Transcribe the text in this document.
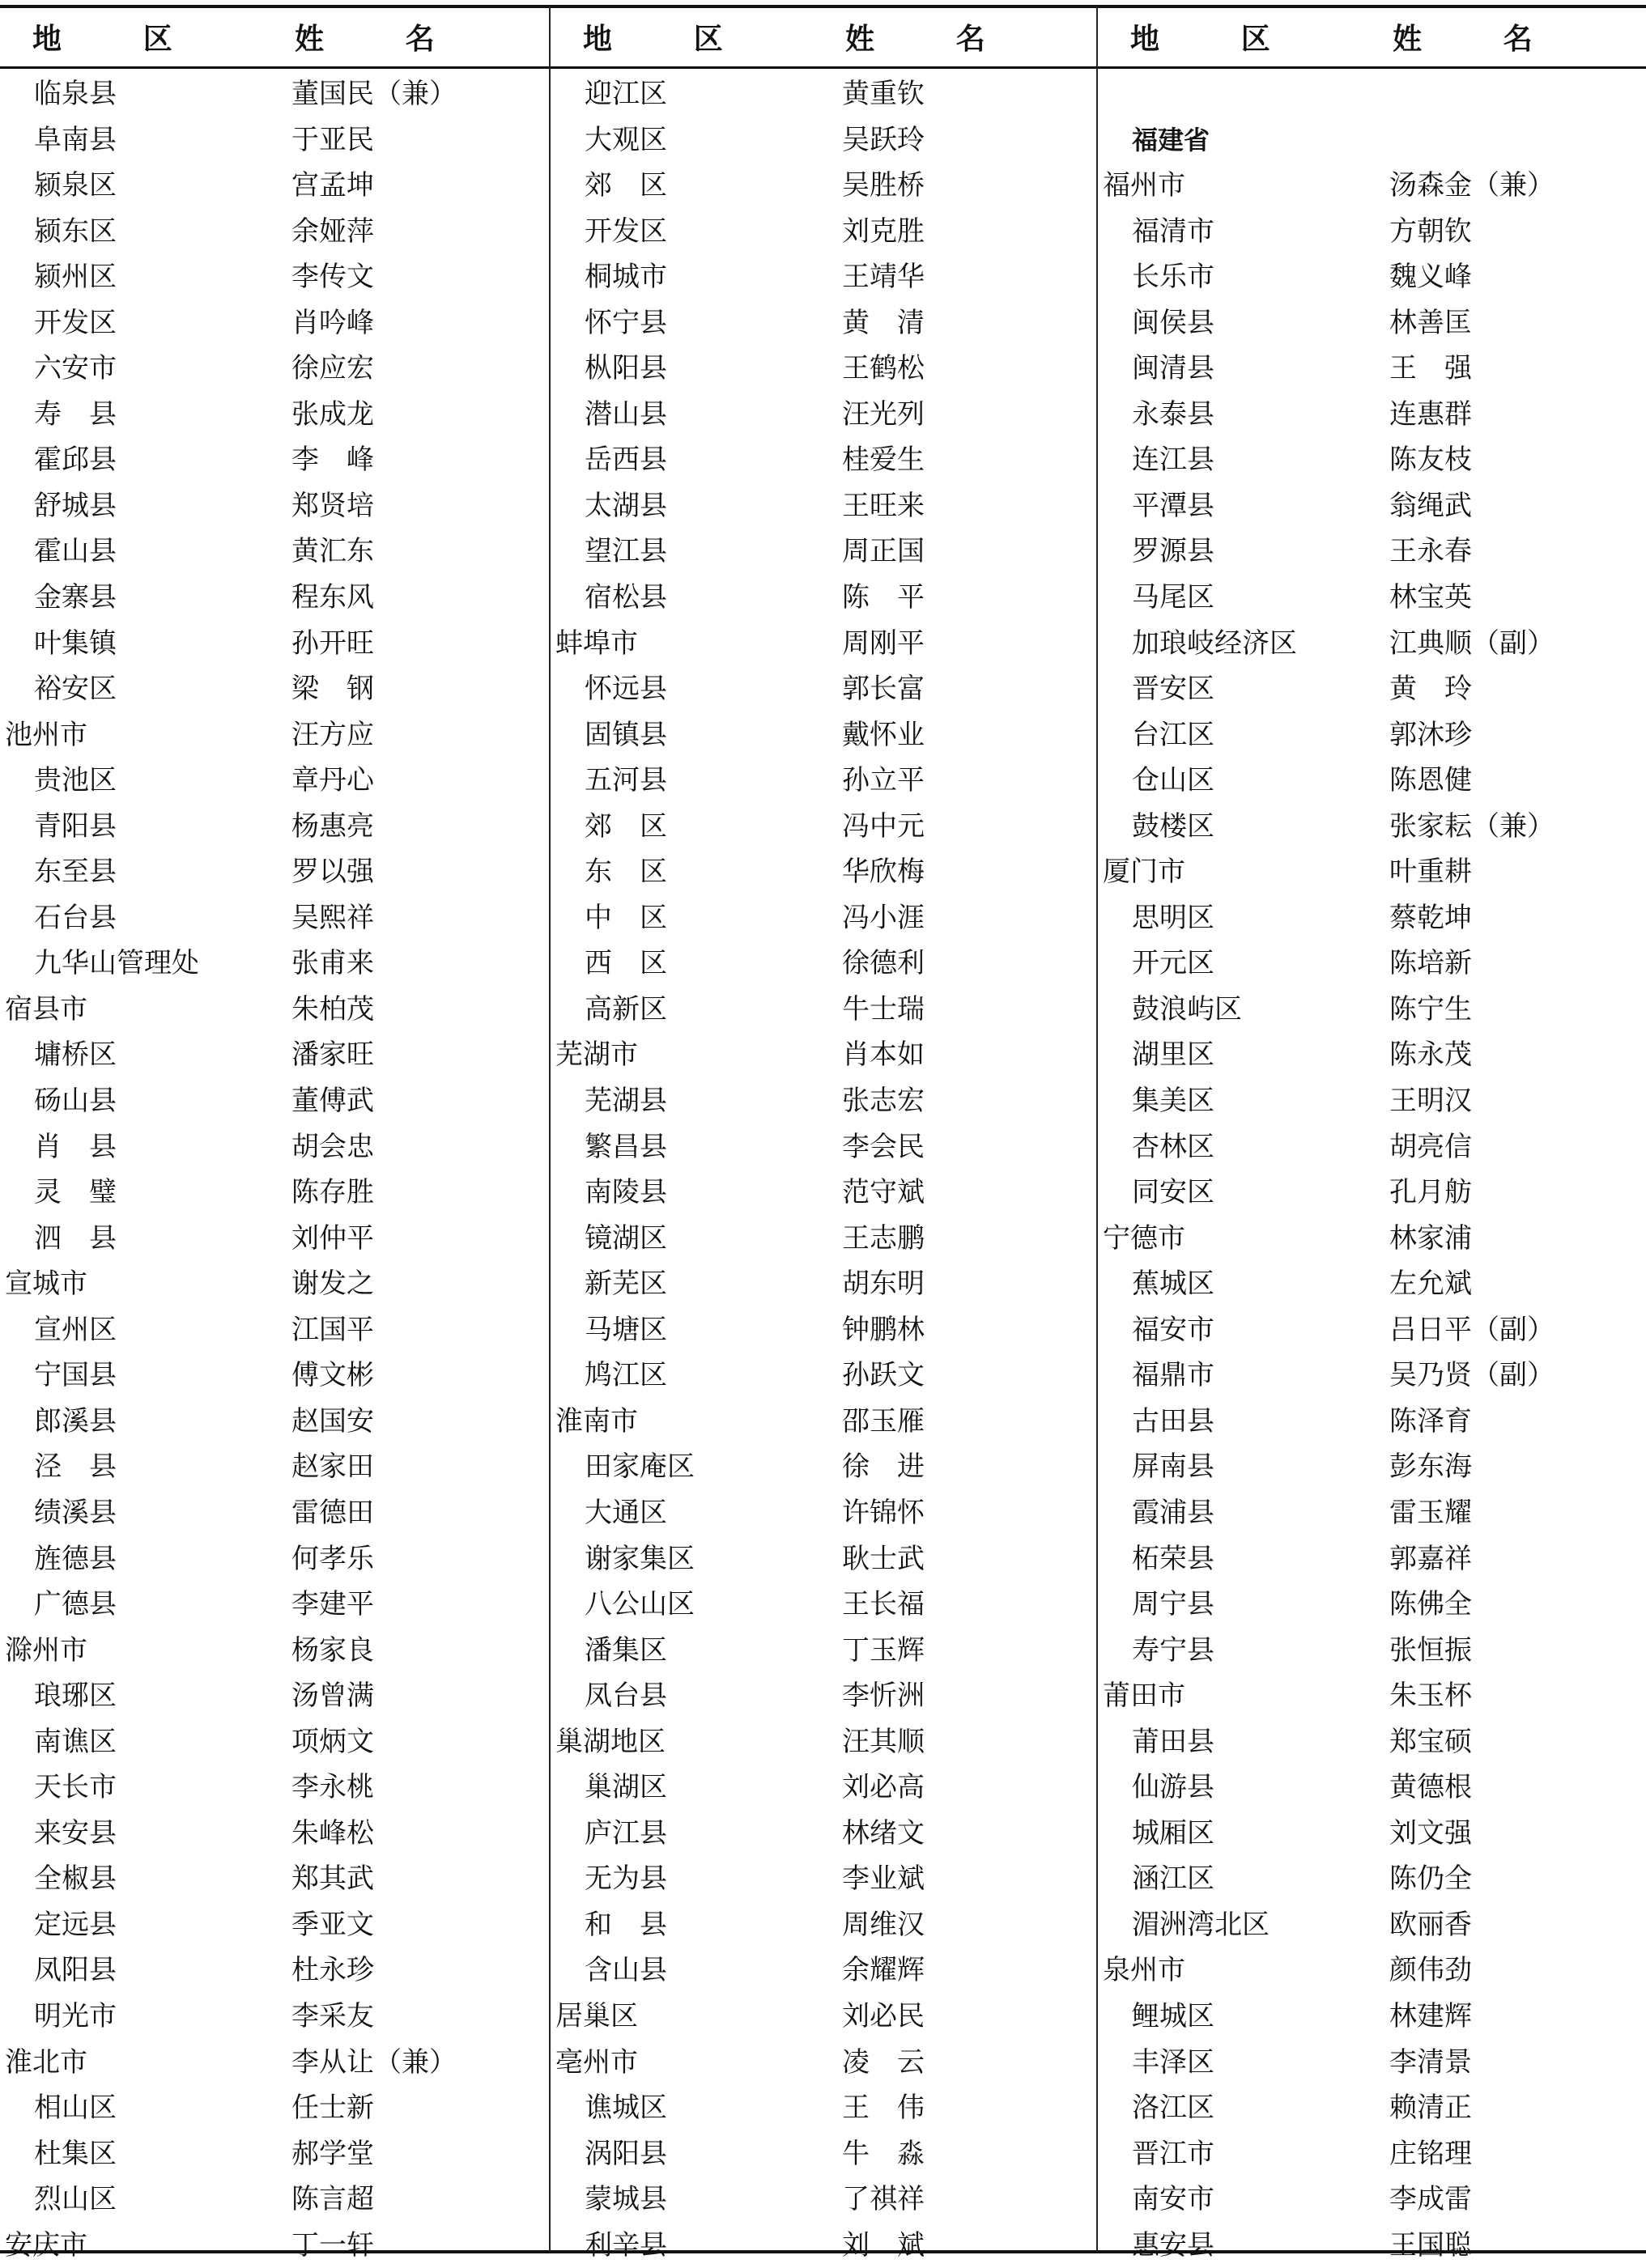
地　区	姓　名
临泉县	董国民（兼）
阜南县	于亚民
颍泉区	宫孟坤
颍东区	余娅萍
颍州区	李传文
开发区	肖吟峰
六安市	徐应宏
寿　县	张成龙
霍邱县	李　峰
舒城县	郑贤培
霍山县	黄汇东
金寨县	程东风
叶集镇	孙开旺
裕安区	梁　钢
池州市	汪方应
贵池区	章丹心
青阳县	杨惠亮
东至县	罗以强
石台县	吴熙祥
九华山管理处	张甫来
宿县市	朱柏茂
墉桥区	潘家旺
砀山县	董傅武
肖　县	胡会忠
灵　璧	陈存胜
泗　县	刘仲平
宣城市	谢发之
宣州区	江国平
宁国县	傅文彬
郎溪县	赵国安
泾　县	赵家田
绩溪县	雷德田
旌德县	何孝乐
广德县	李建平
滁州市	杨家良
琅琊区	汤曾满
南谯区	项炳文
天长市	李永桃
来安县	朱峰松
全椒县	郑其武
定远县	季亚文
凤阳县	杜永珍
明光市	李采友
淮北市	李从让（兼）
相山区	任士新
杜集区	郝学堂
烈山区	陈言超
安庆市	丁一轩
地　区	姓　名
迎江区	黄重钦
大观区	吴跃玲
郊　区	吴胜桥
开发区	刘克胜
桐城市	王靖华
怀宁县	黄　清
枞阳县	王鹤松
潜山县	汪光列
岳西县	桂爱生
太湖县	王旺来
望江县	周正国
宿松县	陈　平
蚌埠市	周刚平
怀远县	郭长富
固镇县	戴怀业
五河县	孙立平
郊　区	冯中元
东　区	华欣梅
中　区	冯小涯
西　区	徐德利
高新区	牛士瑞
芜湖市	肖本如
芜湖县	张志宏
繁昌县	李会民
南陵县	范守斌
镜湖区	王志鹏
新芜区	胡东明
马塘区	钟鹏林
鸠江区	孙跃文
淮南市	邵玉雁
田家庵区	徐　进
大通区	许锦怀
谢家集区	耿士武
八公山区	王长福
潘集区	丁玉辉
凤台县	李忻洲
巢湖地区	汪其顺
巢湖区	刘必高
庐江县	林绪文
无为县	李业斌
和　县	周维汉
含山县	余耀辉
居巢区	刘必民
亳州市	凌　云
谯城区	王　伟
涡阳县	牛　淼
蒙城县	了祺祥
利辛县	刘　斌
地　区	姓　名
福建省
福州市	汤森金（兼）
福清市	方朝钦
长乐市	魏义峰
闽侯县	林善匡
闽清县	王　强
永泰县	连惠群
连江县	陈友枝
平潭县	翁绳武
罗源县	王永春
马尾区	林宝英
加琅岐经济区	江典顺（副）
晋安区	黄　玲
台江区	郭沐珍
仓山区	陈恩健
鼓楼区	张家耘（兼）
厦门市	叶重耕
思明区	蔡乾坤
开元区	陈培新
鼓浪屿区	陈宁生
湖里区	陈永茂
集美区	王明汉
杏林区	胡亮信
同安区	孔月舫
宁德市	林家浦
蕉城区	左允斌
福安市	吕日平（副）
福鼎市	吴乃贤（副）
古田县	陈泽育
屏南县	彭东海
霞浦县	雷玉耀
柘荣县	郭嘉祥
周宁县	陈佛全
寿宁县	张恒振
莆田市	朱玉杯
莆田县	郑宝硕
仙游县	黄德根
城厢区	刘文强
涵江区	陈仍全
湄洲湾北区	欧丽香
泉州市	颜伟劲
鲤城区	林建辉
丰泽区	李清景
洛江区	赖清正
晋江市	庄铭理
南安市	李成雷
惠安县	王国聪
